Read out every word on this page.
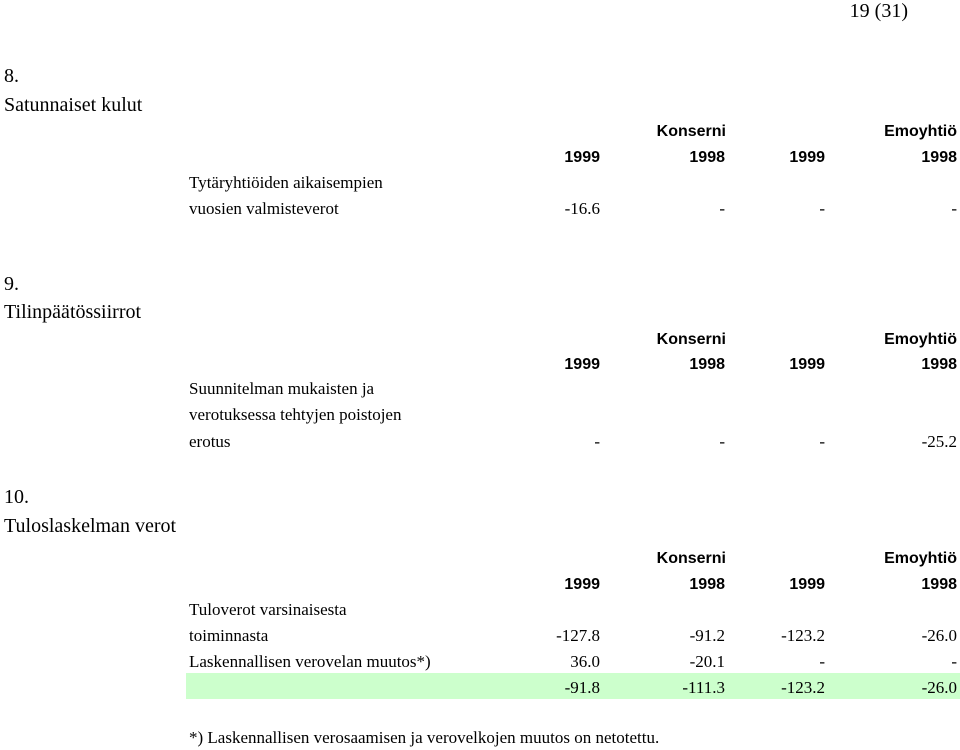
19 (31)
8.
Satunnaiset kulut
Konserni	Emoyhtiö
1999	1998	1999	1998
Tytäryhtiöiden aikaisempien
vuosien valmisteverot	-16.6	-	-	-
9.
Tilinpäätössiirrot
Konserni	Emoyhtiö
1999	1998	1999	1998
Suunnitelman mukaisten ja
verotuksessa tehtyjen poistojen
erotus	-	-	-	-25.2
10.
Tuloslaskelman verot
Konserni	Emoyhtiö
1999	1998	1999	1998
Tuloverot varsinaisesta
toiminnasta	-127.8	-91.2	-123.2	-26.0
Laskennallisen verovelan muutos*)	36.0	-20.1	-	-
-91.8	-111.3	-123.2	-26.0
*) Laskennallisen verosaamisen ja verovelkojen muutos on netotettu.
